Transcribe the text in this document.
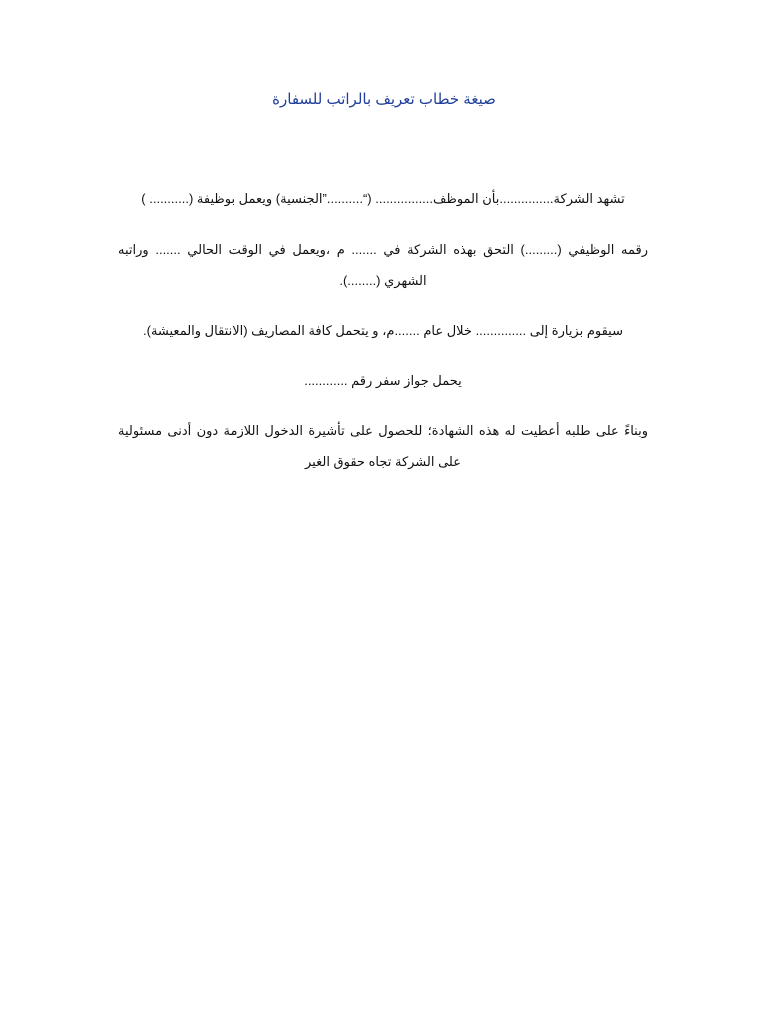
صيغة خطاب تعريف بالراتب للسفارة

تشهد الشركة...............بأن الموظف................ (“..........”الجنسية) ويعمل بوظيفة (........... )

رقمه الوظيفي (.........) التحق بهذه الشركة في ....... م ،ويعمل في الوقت الحالي ....... وراتبه الشهري (........).

سيقوم بزيارة إلى .............. خلال عام .......م، و يتحمل كافة المصاريف (الانتقال والمعيشة).

يحمل جواز سفر رقم ............

وبناءً على طلبه أعطيت له هذه الشهادة؛ للحصول على تأشيرة الدخول اللازمة دون أدنى مسئولية على الشركة تجاه حقوق الغير
